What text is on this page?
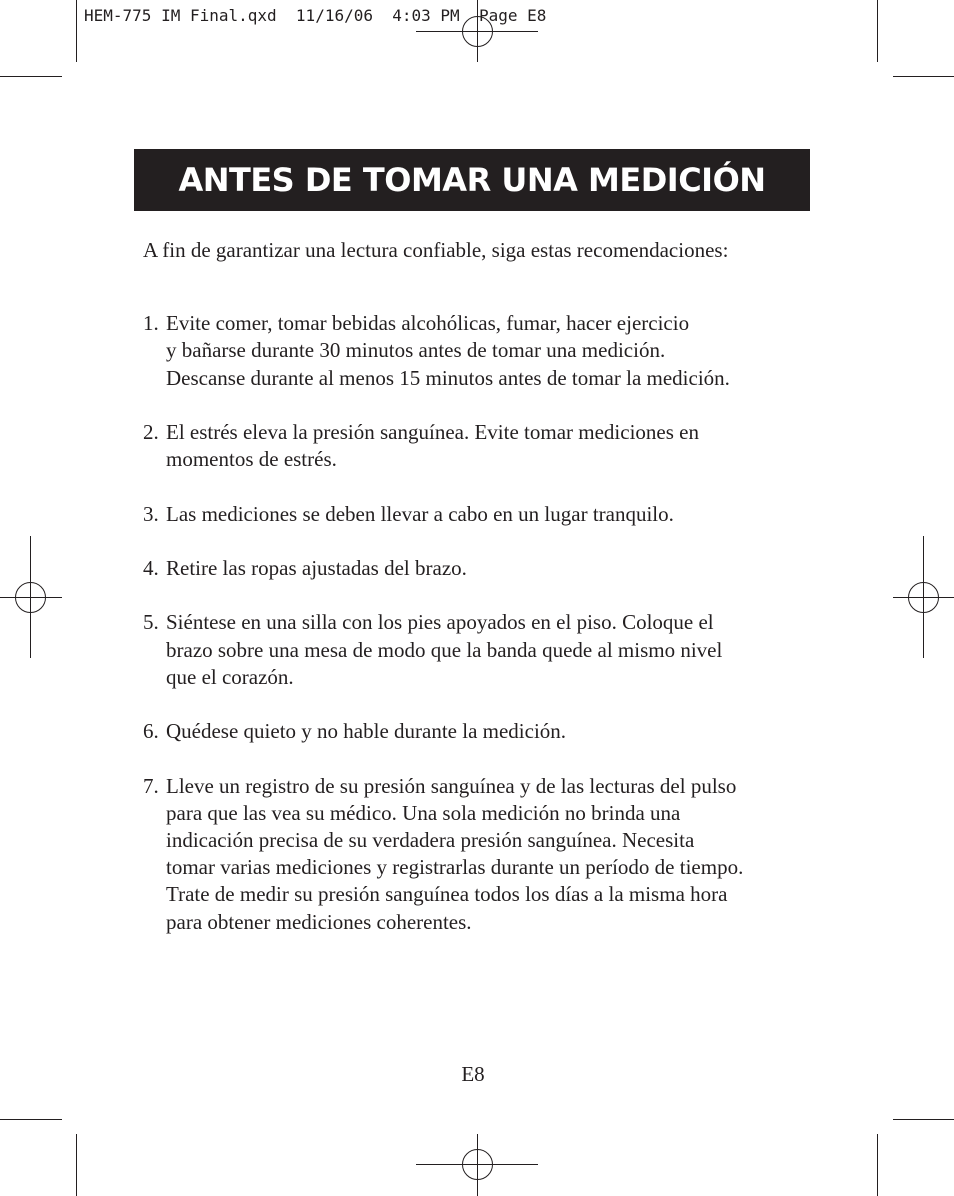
HEM-775 IM Final.qxd  11/16/06  4:03 PM  Page E8
ANTES DE TOMAR UNA MEDICIÓN

A fin de garantizar una lectura confiable, siga estas recomendaciones:

1. Evite comer, tomar bebidas alcohólicas, fumar, hacer ejercicio
y bañarse durante 30 minutos antes de tomar una medición.
Descanse durante al menos 15 minutos antes de tomar la medición.
2. El estrés eleva la presión sanguínea. Evite tomar mediciones en
momentos de estrés.
3. Las mediciones se deben llevar a cabo en un lugar tranquilo.
4. Retire las ropas ajustadas del brazo.
5. Siéntese en una silla con los pies apoyados en el piso. Coloque el
brazo sobre una mesa de modo que la banda quede al mismo nivel
que el corazón.
6. Quédese quieto y no hable durante la medición.
7. Lleve un registro de su presión sanguínea y de las lecturas del pulso
para que las vea su médico. Una sola medición no brinda una
indicación precisa de su verdadera presión sanguínea. Necesita
tomar varias mediciones y registrarlas durante un período de tiempo.
Trate de medir su presión sanguínea todos los días a la misma hora
para obtener mediciones coherentes.
E8
